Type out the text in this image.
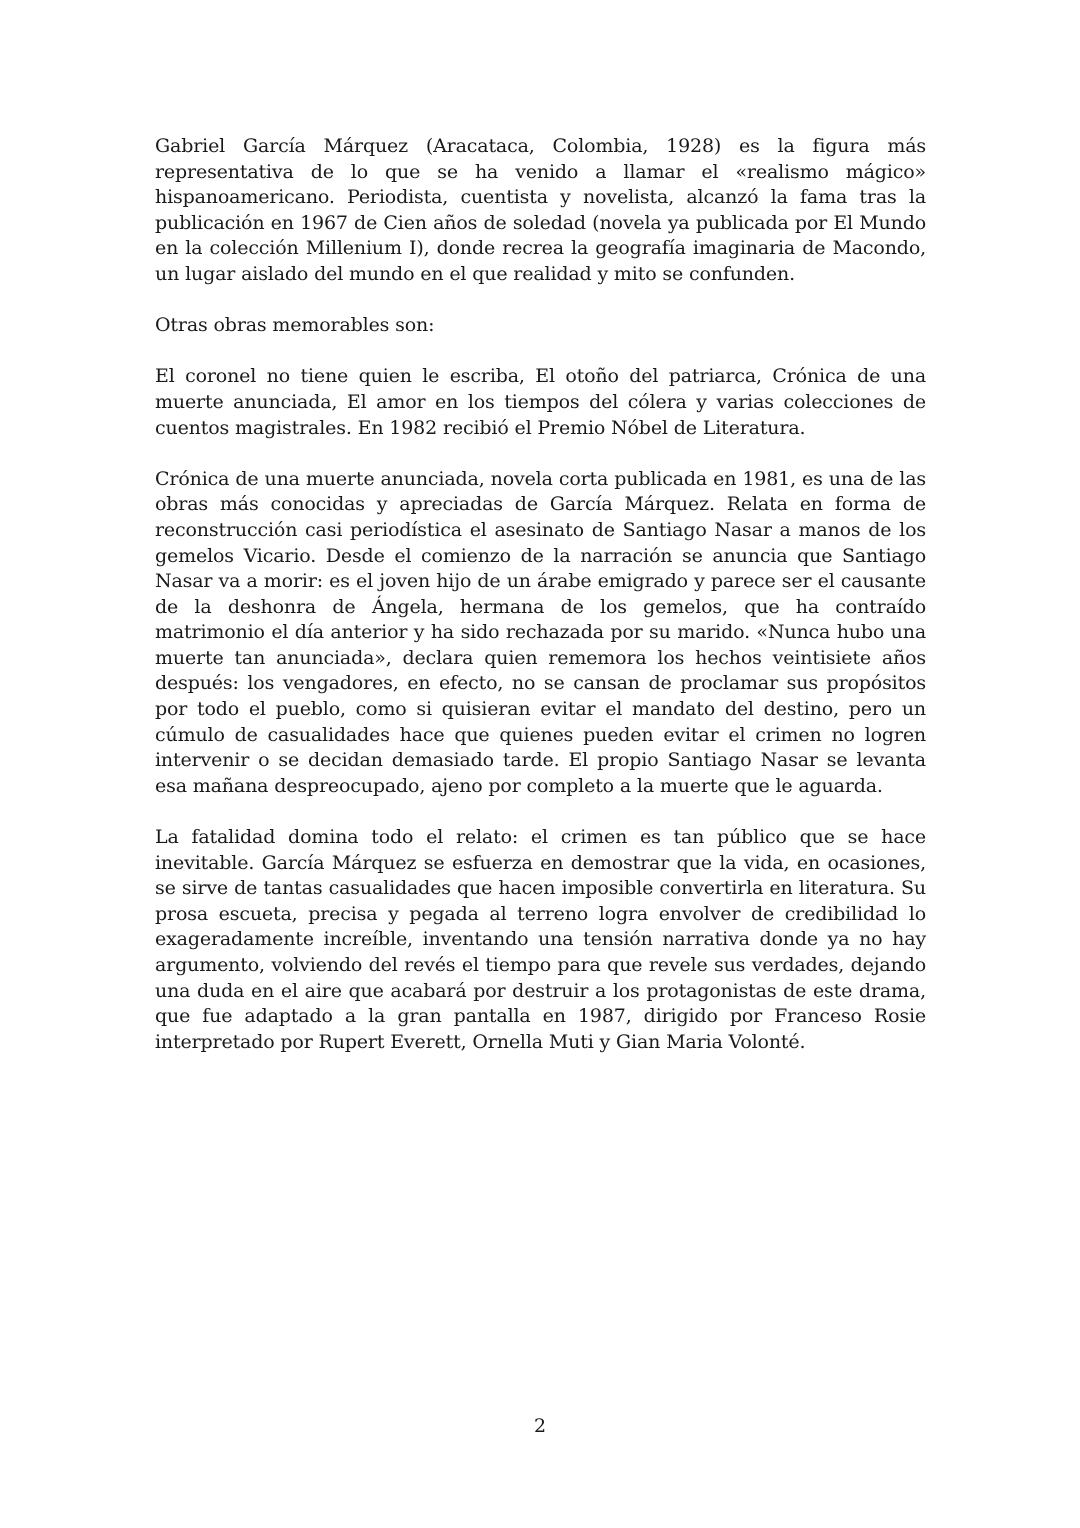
Gabriel García Márquez (Aracataca, Colombia, 1928) es la figura más representativa de lo que se ha venido a llamar el «realismo mágico» hispanoamericano. Periodista, cuentista y novelista, alcanzó la fama tras la publicación en 1967 de Cien años de soledad (novela ya publicada por El Mundo en la colección Millenium I), donde recrea la geografía imaginaria de Macondo, un lugar aislado del mundo en el que realidad y mito se confunden.

Otras obras memorables son:

El coronel no tiene quien le escriba, El otoño del patriarca, Crónica de una muerte anunciada, El amor en los tiempos del cólera y varias colecciones de cuentos magistrales. En 1982 recibió el Premio Nóbel de Literatura.

Crónica de una muerte anunciada, novela corta publicada en 1981, es una de las obras más conocidas y apreciadas de García Márquez. Relata en forma de reconstrucción casi periodística el asesinato de Santiago Nasar a manos de los gemelos Vicario. Desde el comienzo de la narración se anuncia que Santiago Nasar va a morir: es el joven hijo de un árabe emigrado y parece ser el causante de la deshonra de Ángela, hermana de los gemelos, que ha contraído matrimonio el día anterior y ha sido rechazada por su marido. «Nunca hubo una muerte tan anunciada», declara quien rememora los hechos veintisiete años después: los vengadores, en efecto, no se cansan de proclamar sus propósitos por todo el pueblo, como si quisieran evitar el mandato del destino, pero un cúmulo de casualidades hace que quienes pueden evitar el crimen no logren intervenir o se decidan demasiado tarde. El propio Santiago Nasar se levanta esa mañana despreocupado, ajeno por completo a la muerte que le aguarda.

La fatalidad domina todo el relato: el crimen es tan público que se hace inevitable. García Márquez se esfuerza en demostrar que la vida, en ocasiones, se sirve de tantas casualidades que hacen imposible convertirla en literatura. Su prosa escueta, precisa y pegada al terreno logra envolver de credibilidad lo exageradamente increíble, inventando una tensión narrativa donde ya no hay argumento, volviendo del revés el tiempo para que revele sus verdades, dejando una duda en el aire que acabará por destruir a los protagonistas de este drama, que fue adaptado a la gran pantalla en 1987, dirigido por Franceso Rosie interpretado por Rupert Everett, Ornella Muti y Gian Maria Volonté.

2
